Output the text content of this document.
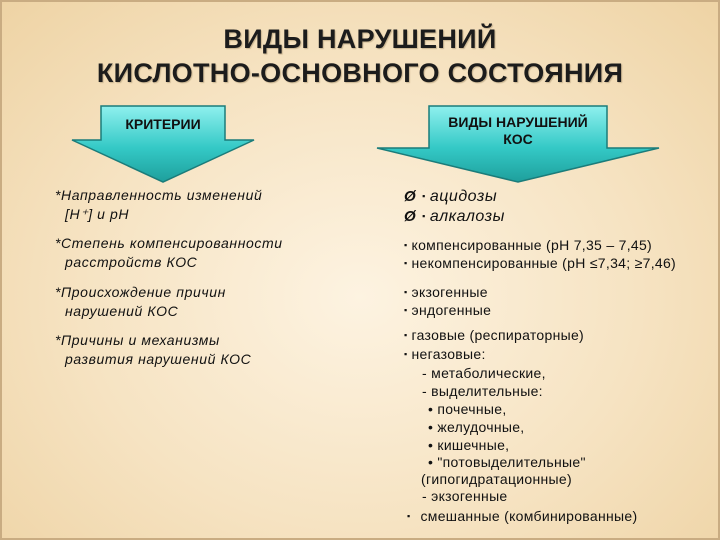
ВИДЫ НАРУШЕНИЙ
КИСЛОТНО-ОСНОВНОГО СОСТОЯНИЯ
КРИТЕРИИ	ВИДЫ НАРУШЕНИЙ
КОС
*Направленность изменений
[H⁺] и pH
*Степень компенсированности
расстройств КОС
*Происхождение причин
нарушений КОС
*Причины и механизмы
развития нарушений КОС
Ø ▪ ацидозы
Ø ▪ алкалозы
▪ компенсированные (рН 7,35 – 7,45)
▪ некомпенсированные (рН ≤7,34; ≥7,46)
▪ экзогенные
▪ эндогенные
▪ газовые (респираторные)
▪ негазовые:
- метаболические,
- выделительные:
• почечные,
• желудочные,
• кишечные,
• "потовыделительные"
(гипогидратационные)
- экзогенные
▪ смешанные (комбинированные)
